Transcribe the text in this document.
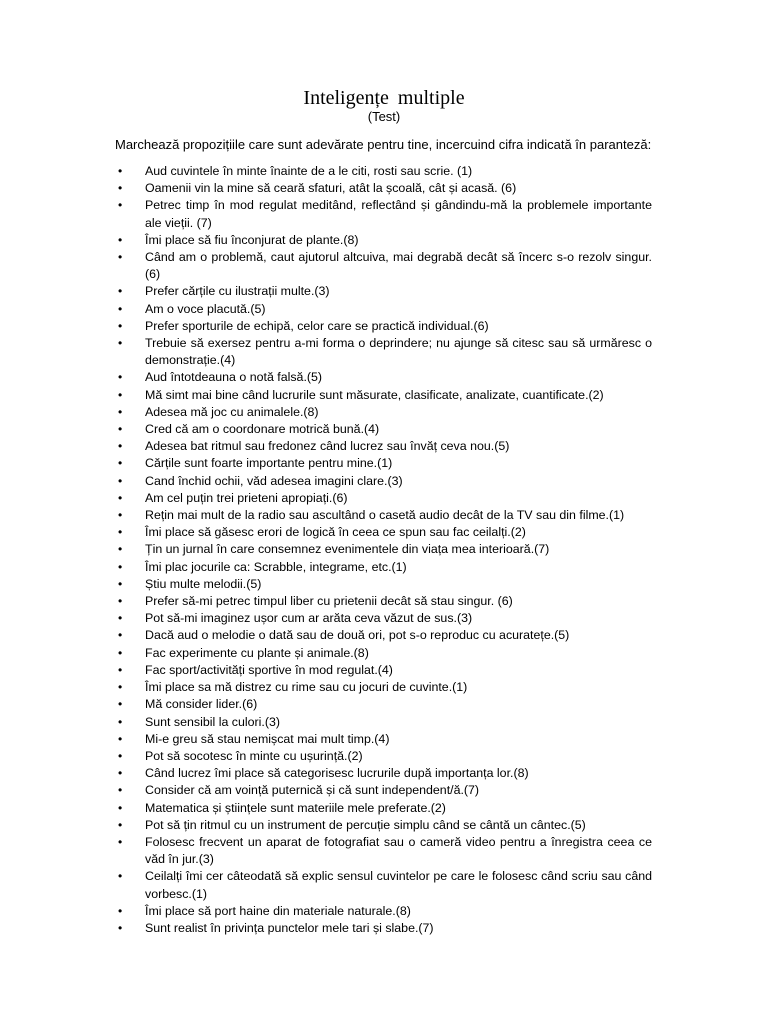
Inteligențe multiple
(Test)
Marchează propozițiile care sunt adevărate pentru tine, incercuind cifra indicată în paranteză:
• Aud cuvintele în minte înainte de a le citi, rosti sau scrie. (1)
• Oamenii vin la mine să ceară sfaturi, atât la școală, cât și acasă. (6)
• Petrec timp în mod regulat meditând, reflectând și gândindu-mă la problemele importante ale vieții. (7)
• Îmi place să fiu înconjurat de plante.(8)
• Când am o problemă, caut ajutorul altcuiva, mai degrabă decât să încerc s-o rezolv singur.(6)
• Prefer cărțile cu ilustrații multe.(3)
• Am o voce placută.(5)
• Prefer sporturile de echipă, celor care se practică individual.(6)
• Trebuie să exersez pentru a-mi forma o deprindere; nu ajunge să citesc sau să urmăresc o demonstrație.(4)
• Aud întotdeauna o notă falsă.(5)
• Mă simt mai bine când lucrurile sunt măsurate, clasificate, analizate, cuantificate.(2)
• Adesea mă joc cu animalele.(8)
• Cred că am o coordonare motrică bună.(4)
• Adesea bat ritmul sau fredonez când lucrez sau învăț ceva nou.(5)
• Cărțile sunt foarte importante pentru mine.(1)
• Cand închid ochii, văd adesea imagini clare.(3)
• Am cel puțin trei prieteni apropiați.(6)
• Rețin mai mult de la radio sau ascultând o casetă audio decât de la TV sau din filme.(1)
• Îmi place să găsesc erori de logică în ceea ce spun sau fac ceilalți.(2)
• Țin un jurnal în care consemnez evenimentele din viața mea interioară.(7)
• Îmi plac jocurile ca: Scrabble, integrame, etc.(1)
• Știu multe melodii.(5)
• Prefer să-mi petrec timpul liber cu prietenii decât să stau singur. (6)
• Pot să-mi imaginez ușor cum ar arăta ceva văzut de sus.(3)
• Dacă aud o melodie o dată sau de două ori, pot s-o reproduc cu acuratețe.(5)
• Fac experimente cu plante și animale.(8)
• Fac sport/activități sportive în mod regulat.(4)
• Îmi place sa mă distrez cu rime sau cu jocuri de cuvinte.(1)
• Mă consider lider.(6)
• Sunt sensibil la culori.(3)
• Mi-e greu să stau nemișcat mai mult timp.(4)
• Pot să socotesc în minte cu ușurință.(2)
• Când lucrez îmi place să categorisesc lucrurile după importanța lor.(8)
• Consider că am voință puternică și că sunt independent/ă.(7)
• Matematica și științele sunt materiile mele preferate.(2)
• Pot să țin ritmul cu un instrument de percuție simplu când se cântă un cântec.(5)
• Folosesc frecvent un aparat de fotografiat sau o cameră video pentru a înregistra ceea ce văd în jur.(3)
• Ceilalți îmi cer câteodată să explic sensul cuvintelor pe care le folosesc când scriu sau când vorbesc.(1)
• Îmi place să port haine din materiale naturale.(8)
• Sunt realist în privința punctelor mele tari și slabe.(7)
